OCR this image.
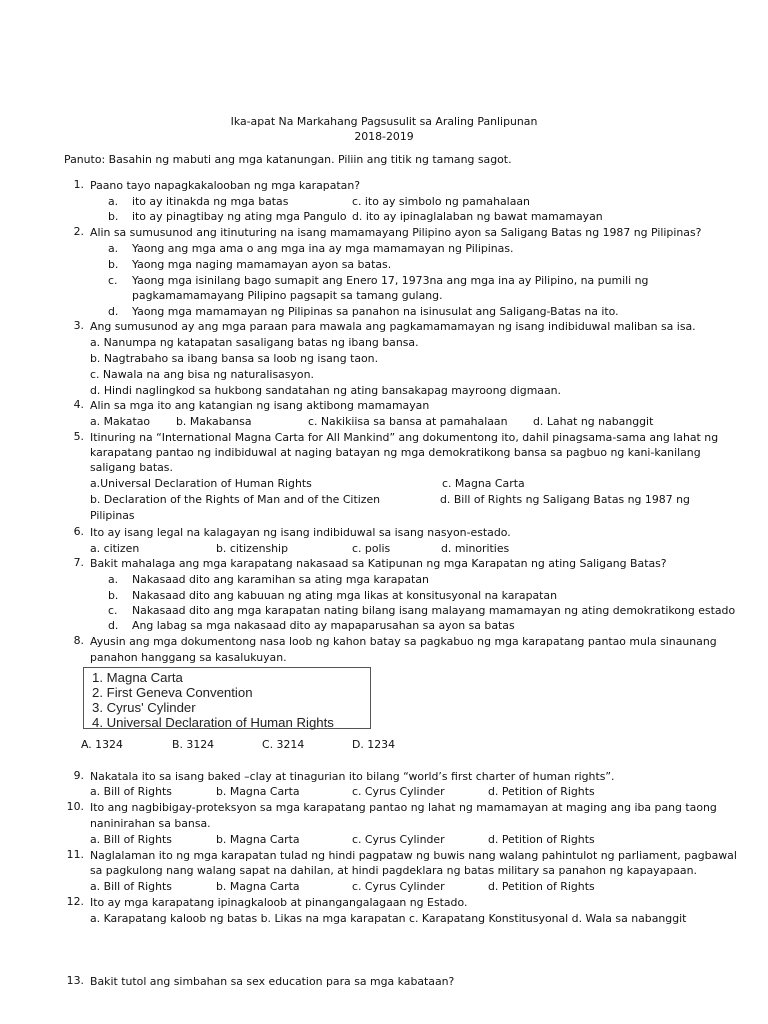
Ika-apat Na Markahang Pagsusulit sa Araling Panlipunan
2018-2019
Panuto: Basahin ng mabuti ang mga katanungan. Piliin ang titik ng tamang sagot.
1. Paano tayo napagkakalooban ng mga karapatan?
a. ito ay itinakda ng mga batas	c. ito ay simbolo ng pamahalaan
b. ito ay pinagtibay ng ating mga Pangulo d. ito ay ipinaglalaban ng bawat mamamayan
2. Alin sa sumusunod ang itinuturing na isang mamamayang Pilipino ayon sa Saligang Batas ng 1987 ng Pilipinas?
a. Yaong ang mga ama o ang mga ina ay mga mamamayan ng Pilipinas.
b. Yaong mga naging mamamayan ayon sa batas.
c. Yaong mga isinilang bago sumapit ang Enero 17, 1973na ang mga ina ay Pilipino, na pumili ng
pagkamamamayang Pilipino pagsapit sa tamang gulang.
d. Yaong mga mamamayan ng Pilipinas sa panahon na isinusulat ang Saligang-Batas na ito.
3. Ang sumusunod ay ang mga paraan para mawala ang pagkamamamayan ng isang indibiduwal maliban sa isa.
a. Nanumpa ng katapatan sasaligang batas ng ibang bansa.
b. Nagtrabaho sa ibang bansa sa loob ng isang taon.
c. Nawala na ang bisa ng naturalisasyon.
d. Hindi naglingkod sa hukbong sandatahan ng ating bansakapag mayroong digmaan.
4. Alin sa mga ito ang katangian ng isang aktibong mamamayan
a. Makatao b. Makabansa	c. Nakikiisa sa bansa at pamahalaan d. Lahat ng nabanggit
5. Itinuring na “International Magna Carta for All Mankind” ang dokumentong ito, dahil pinagsama-sama ang lahat ng
karapatang pantao ng indibiduwal at naging batayan ng mga demokratikong bansa sa pagbuo ng kani-kanilang
saligang batas.
a.Universal Declaration of Human Rights	c. Magna Carta
b. Declaration of the Rights of Man and of the Citizen	d. Bill of Rights ng Saligang Batas ng 1987 ng
Pilipinas
6. Ito ay isang legal na kalagayan ng isang indibiduwal sa isang nasyon-estado.
a. citizen	b. citizenship	c. polis	d. minorities
7. Bakit mahalaga ang mga karapatang nakasaad sa Katipunan ng mga Karapatan ng ating Saligang Batas?
a. Nakasaad dito ang karamihan sa ating mga karapatan
b. Nakasaad dito ang kabuuan ng ating mga likas at konsitusyonal na karapatan
c. Nakasaad dito ang mga karapatan nating bilang isang malayang mamamayan ng ating demokratikong estado
d. Ang labag sa mga nakasaad dito ay mapaparusahan sa ayon sa batas
8. Ayusin ang mga dokumentong nasa loob ng kahon batay sa pagkabuo ng mga karapatang pantao mula sinaunang
panahon hanggang sa kasalukuyan.
1. Magna Carta
2. First Geneva Convention
3. Cyrus' Cylinder
4. Universal Declaration of Human Rights
A. 1324	B. 3124	C. 3214	D. 1234
9. Nakatala ito sa isang baked –clay at tinagurian ito bilang “world’s first charter of human rights”.
a. Bill of Rights	b. Magna Carta	c. Cyrus Cylinder	d. Petition of Rights
10. Ito ang nagbibigay-proteksyon sa mga karapatang pantao ng lahat ng mamamayan at maging ang iba pang taong
naninirahan sa bansa.
a. Bill of Rights	b. Magna Carta	c. Cyrus Cylinder	d. Petition of Rights
11. Naglalaman ito ng mga karapatan tulad ng hindi pagpataw ng buwis nang walang pahintulot ng parliament, pagbawal
sa pagkulong nang walang sapat na dahilan, at hindi pagdeklara ng batas military sa panahon ng kapayapaan.
a. Bill of Rights	b. Magna Carta	c. Cyrus Cylinder	d. Petition of Rights
12. Ito ay mga karapatang ipinagkaloob at pinangangalagaan ng Estado.
a. Karapatang kaloob ng batas b. Likas na mga karapatan c. Karapatang Konstitusyonal d. Wala sa nabanggit
13. Bakit tutol ang simbahan sa sex education para sa mga kabataan?
